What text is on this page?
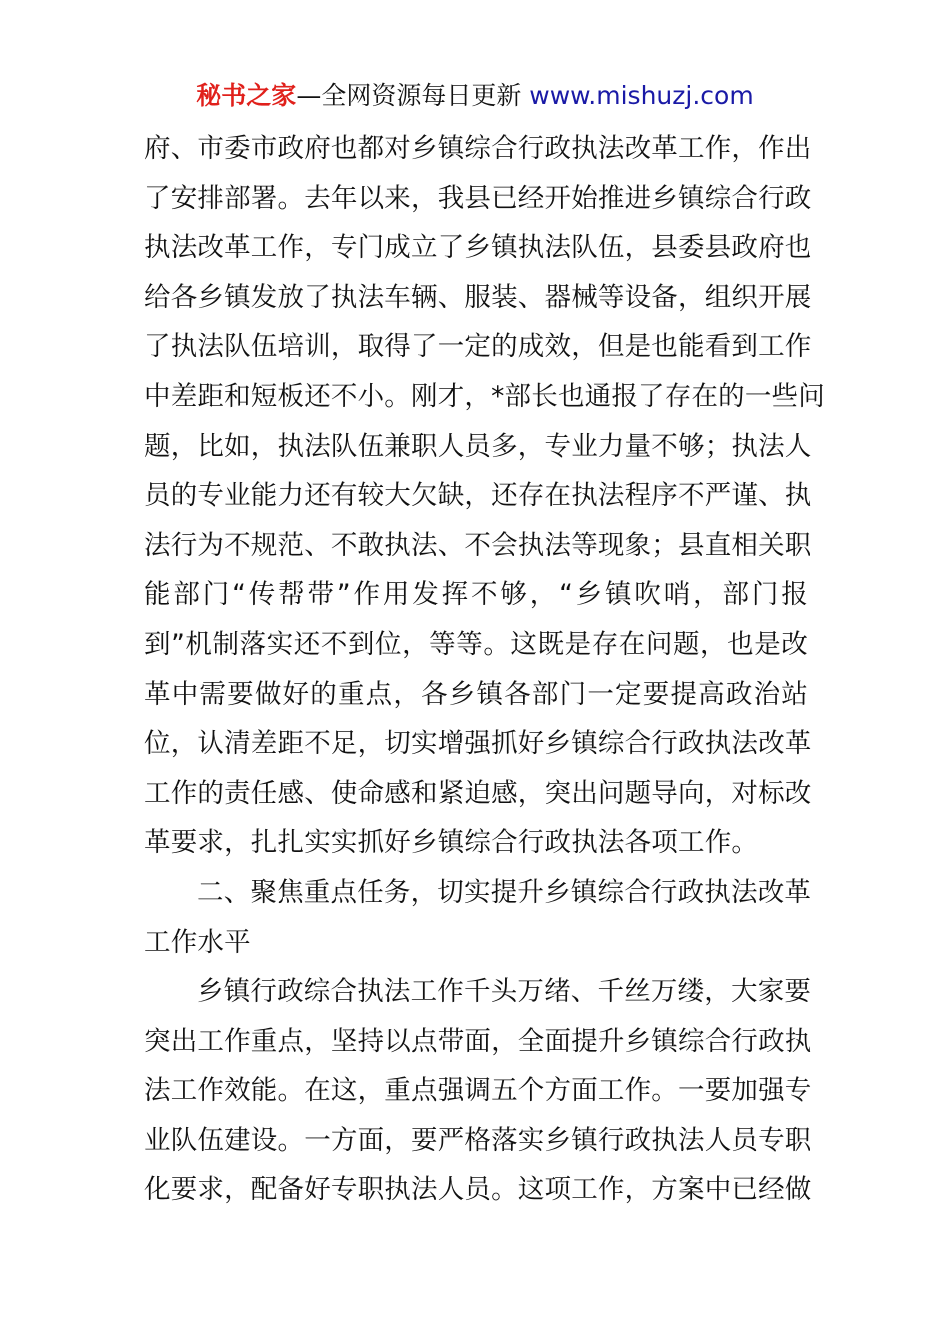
秘书之家—全网资源每日更新 www.mishuzj.com
府、市委市政府也都对乡镇综合行政执法改革工作，作出
了安排部署。去年以来，我县已经开始推进乡镇综合行政
执法改革工作，专门成立了乡镇执法队伍，县委县政府也
给各乡镇发放了执法车辆、服装、器械等设备，组织开展
了执法队伍培训，取得了一定的成效，但是也能看到工作
中差距和短板还不小。刚才，*部长也通报了存在的一些问
题，比如，执法队伍兼职人员多，专业力量不够；执法人
员的专业能力还有较大欠缺，还存在执法程序不严谨、执
法行为不规范、不敢执法、不会执法等现象；县直相关职
能部门“传帮带”作用发挥不够，“乡镇吹哨，部门报
到”机制落实还不到位，等等。这既是存在问题，也是改
革中需要做好的重点，各乡镇各部门一定要提高政治站
位，认清差距不足，切实增强抓好乡镇综合行政执法改革
工作的责任感、使命感和紧迫感，突出问题导向，对标改
革要求，扎扎实实抓好乡镇综合行政执法各项工作。
二、聚焦重点任务，切实提升乡镇综合行政执法改革
工作水平
乡镇行政综合执法工作千头万绪、千丝万缕，大家要
突出工作重点，坚持以点带面，全面提升乡镇综合行政执
法工作效能。在这，重点强调五个方面工作。一要加强专
业队伍建设。一方面，要严格落实乡镇行政执法人员专职
化要求，配备好专职执法人员。这项工作，方案中已经做
